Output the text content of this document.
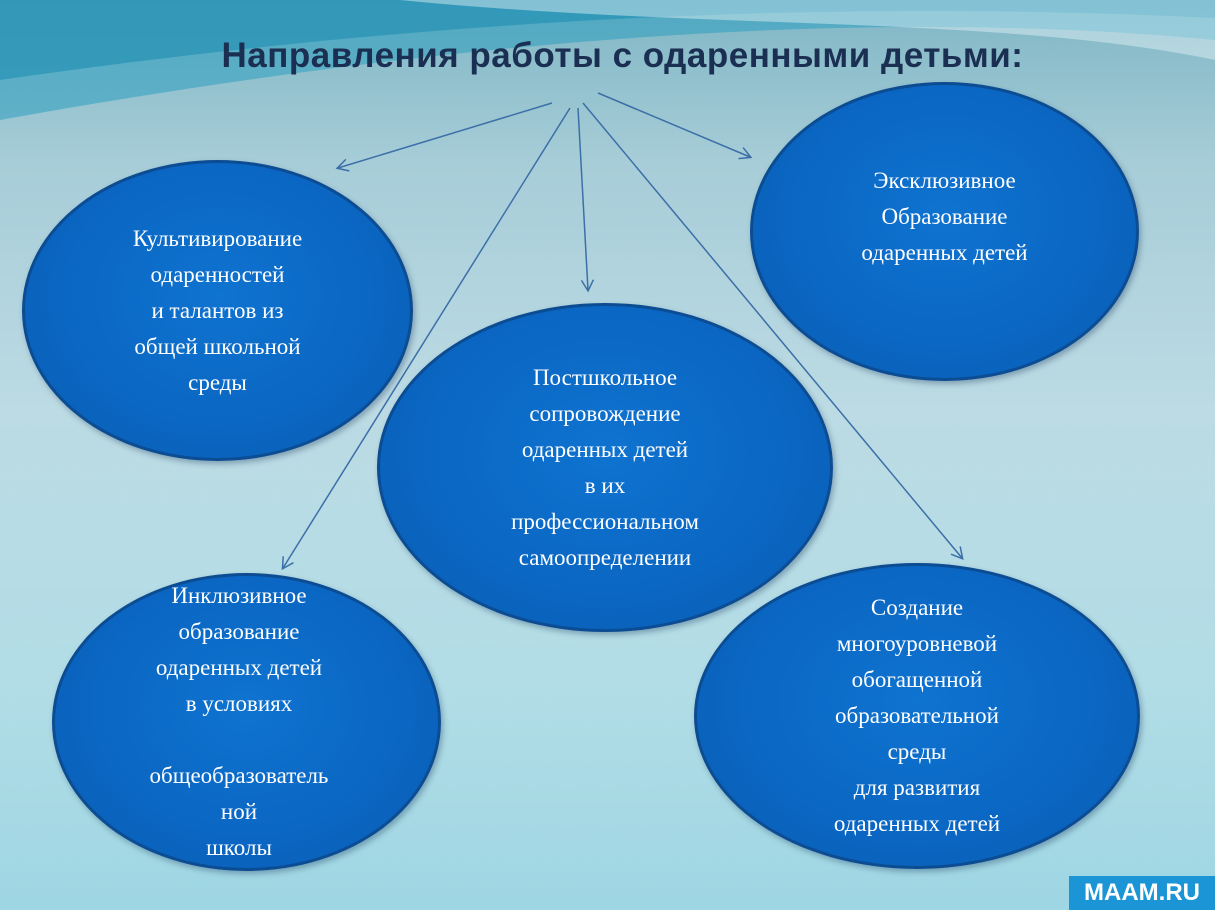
Направления работы с одаренными детьми:
Культивирование
одаренностей
и талантов из
общей школьной
среды
Эксклюзивное
Образование
одаренных детей
Постшкольное
сопровождение
одаренных детей
в их
профессиональном
самоопределении
Инклюзивное
образование
одаренных детей
в условиях

общеобразователь
ной
школы
Создание
многоуровневой
обогащенной
образовательной
среды
для развития
одаренных детей
MAAM.RU
